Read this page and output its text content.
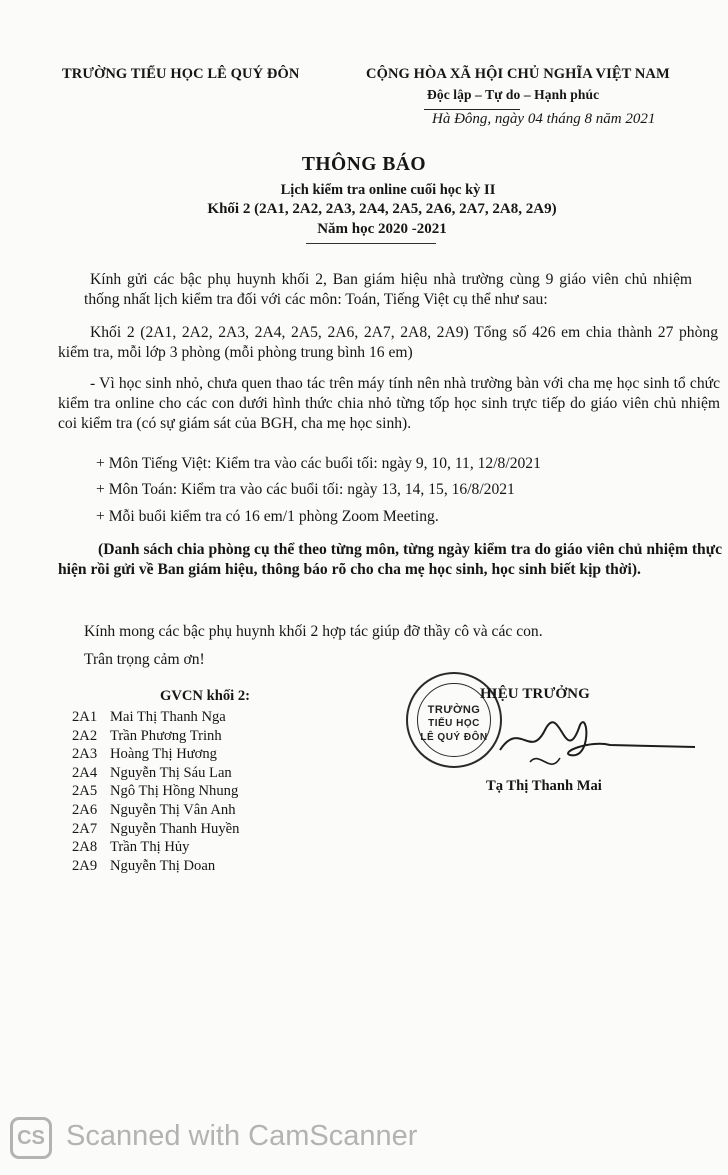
TRƯỜNG TIỂU HỌC LÊ QUÝ ĐÔN	CỘNG HÒA XÃ HỘI CHỦ NGHĨA VIỆT NAM
Độc lập – Tự do – Hạnh phúc
Hà Đông, ngày 04 tháng 8 năm 2021
THÔNG BÁO
Lịch kiểm tra online cuối học kỳ II
Khối 2 (2A1, 2A2, 2A3, 2A4, 2A5, 2A6, 2A7, 2A8, 2A9)
Năm học 2020 -2021
Kính gửi các bậc phụ huynh khối 2, Ban giám hiệu nhà trường cùng 9 giáo viên chủ nhiệm thống nhất lịch kiểm tra đối với các môn: Toán, Tiếng Việt cụ thể như sau:
Khối 2 (2A1, 2A2, 2A3, 2A4, 2A5, 2A6, 2A7, 2A8, 2A9) Tổng số 426 em chia thành 27 phòng kiểm tra, mỗi lớp 3 phòng (mỗi phòng trung bình 16 em)
- Vì học sinh nhỏ, chưa quen thao tác trên máy tính nên nhà trường bàn với cha mẹ học sinh tổ chức kiểm tra online cho các con dưới hình thức chia nhỏ từng tốp học sinh trực tiếp do giáo viên chủ nhiệm coi kiểm tra (có sự giám sát của BGH, cha mẹ học sinh).
+ Môn Tiếng Việt: Kiểm tra vào các buổi tối: ngày 9, 10, 11, 12/8/2021
+ Môn Toán: Kiểm tra vào các buổi tối: ngày 13, 14, 15, 16/8/2021
+ Mỗi buổi kiểm tra có 16 em/1 phòng Zoom Meeting.
(Danh sách chia phòng cụ thể theo từng môn, từng ngày kiểm tra do giáo viên chủ nhiệm thực hiện rồi gửi về Ban giám hiệu, thông báo rõ cho cha mẹ học sinh, học sinh biết kịp thời).
Kính mong các bậc phụ huynh khối 2 hợp tác giúp đỡ thầy cô và các con.
Trân trọng cảm ơn!
GVCN khối 2:
2A1 Mai Thị Thanh Nga
2A2 Trần Phương Trinh
2A3 Hoàng Thị Hương
2A4 Nguyễn Thị Sáu Lan
2A5 Ngô Thị Hồng Nhung
2A6 Nguyễn Thị Vân Anh
2A7 Nguyễn Thanh Huyền
2A8 Trần Thị Hủy
2A9 Nguyễn Thị Doan
TRƯỜNG
TIỂU HỌC
LÊ QUÝ ĐÔN
HIỆU TRƯỞNG
Tạ Thị Thanh Mai
CS Scanned with CamScanner
